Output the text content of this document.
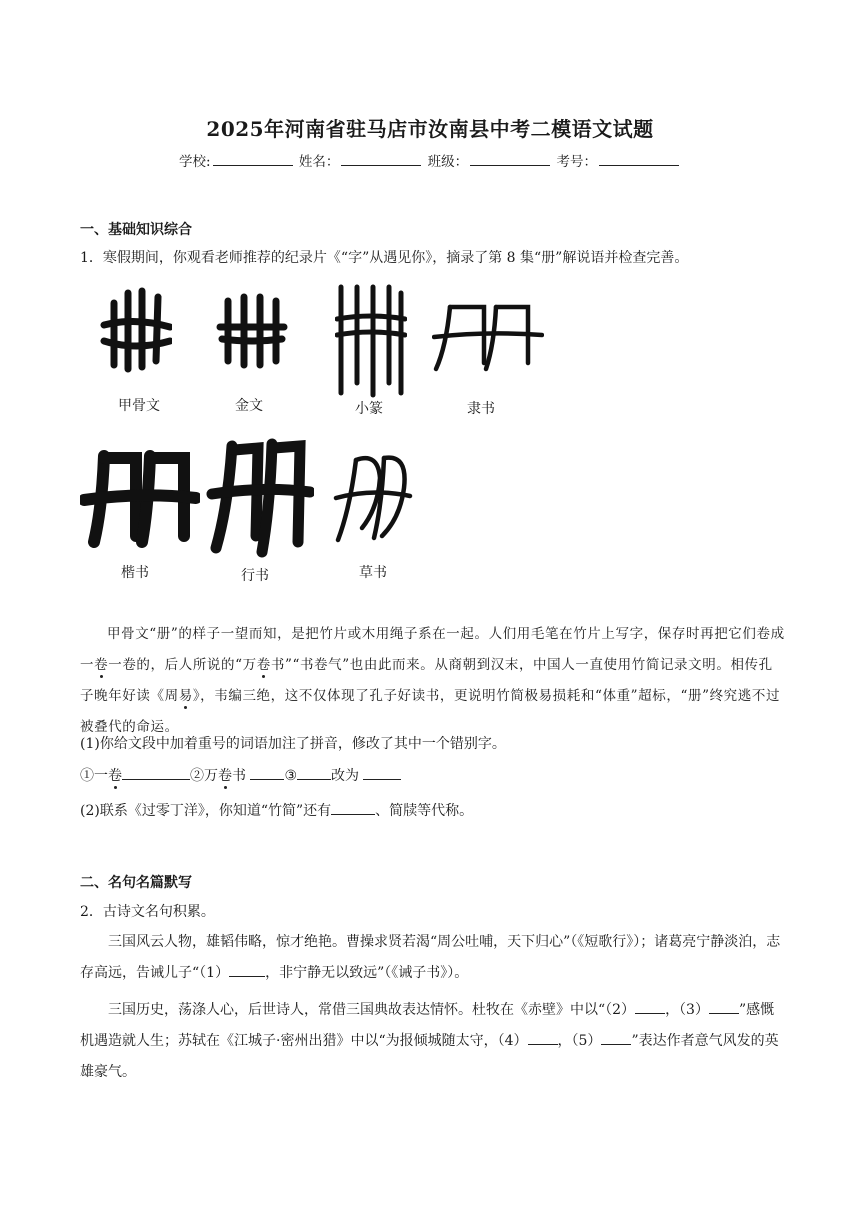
2025年河南省驻马店市汝南县中考二模语文试题
学校:	姓名：	班级：	考号：
一、基础知识综合
1．寒假期间，你观看老师推荐的纪录片《“字”从遇见你》，摘录了第 8 集“册”解说语并检查完善。
甲骨文	金文	小篆	隶书
楷书	行书	草书
甲骨文“册”的样子一望而知，是把竹片或木用绳子系在一起。人们用毛笔在竹片上写字，保存时再把它们卷成一卷一卷的，后人所说的“万卷书”“书卷气”也由此而来。从商朝到汉末，中国人一直使用竹简记录文明。相传孔子晚年好读《周易》，韦编三绝，这不仅体现了孔子好读书，更说明竹简极易损耗和“体重”超标，“册”终究逃不过被叠代的命运。
(1)你给文段中加着重号的词语加注了拼音，修改了其中一个错别字。
①一卷	②万卷书	③ 改为
(2)联系《过零丁洋》，你知道“竹简”还有	、简牍等代称。
二、名句名篇默写
2．古诗文名句积累。
三国风云人物，雄韬伟略，惊才绝艳。曹操求贤若渴“周公吐哺，天下归心”（《短歌行》）；诸葛亮宁静淡泊，志存高远，告诫儿子“（1）	，非宁静无以致远”（《诫子书》）。
三国历史，荡涤人心，后世诗人，常借三国典故表达情怀。杜牧在《赤壁》中以“（2） ，（3） ”感慨机遇造就人生；苏轼在《江城子·密州出猎》中以“为报倾城随太守，（4） ，（5） ”表达作者意气风发的英雄豪气。
